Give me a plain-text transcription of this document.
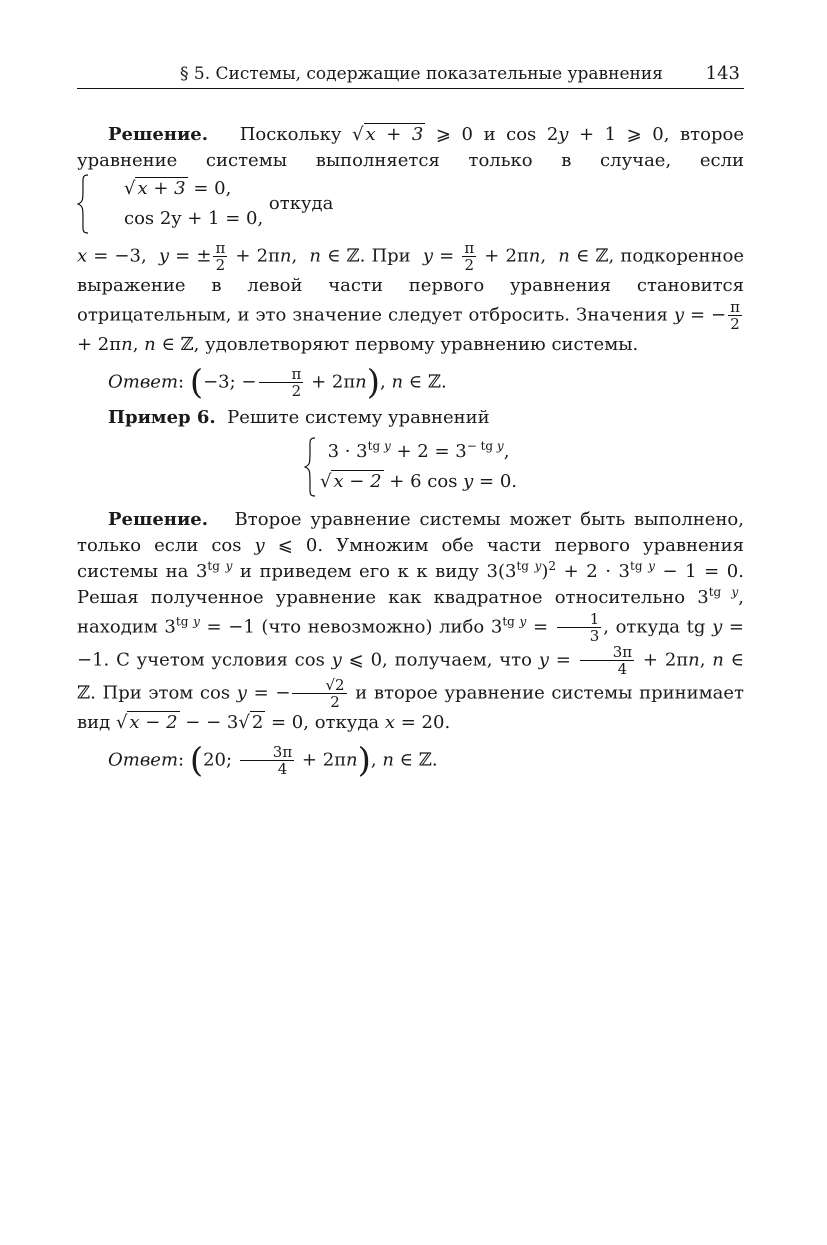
§ 5. Системы, содержащие показательные уравнения 143

Решение. Поскольку √ x + 3 ⩾ 0 и cos 2y + 1 ⩾ 0, второе уравнение системы выполняется только в случае, если
√ x + 3 = 0,
cos 2y + 1 = 0,
откуда

x = −3,  y = ± $\frac{\pi}{2} + 2\pi n$,  n ∈ ℤ. При  $y = \frac{\pi}{2} + 2\pi n$,  n ∈ ℤ, подкоренное выражение в левой части первого уравнения становится отрицательным, и это значение следует отбросить. Значения y = − $\frac{\pi}{2}$
+ 2πn, n ∈ ℤ, удовлетворяют первому уравнению системы.

Ответ: (−3; − $\frac{\pi}{2} + 2\pi n$), n ∈ ℤ.

Пример 6. Решите систему уравнений

$3 \cdot 3^{tg y} + 2 = 3^{- tg y}$,
√ x − 2 + 6 cos y = 0.

Решение.   Второе уравнение системы может быть выполнено, только если cos y ⩽ 0. Умножим обе части первого уравнения системы на $3^{tg y}$ и приведем его к к виду $3(3^{tg y})^2 + 2 \cdot 3^{tg y} - 1 = 0$. Решая полученное уравнение как квадратное относительно $3^{tg y}$, находим $3^{tg y} = -1$ (что невозможно) либо $3^{tg y} = \frac{1}{3}$ , откуда tg y = −1. С учетом условия cos y ⩽ 0, получаем, что $y = \frac{3\pi}{4} + 2\pi n$, n ∈ ℤ. При этом cos y = − $\frac{√2}{2}$ и второе уравнение системы принимает вид √ x − 2 − − 3√ 2 = 0, откуда x = 20.

Ответ: (20; $\frac{3\pi}{4} + 2\pi n$), n ∈ ℤ.
